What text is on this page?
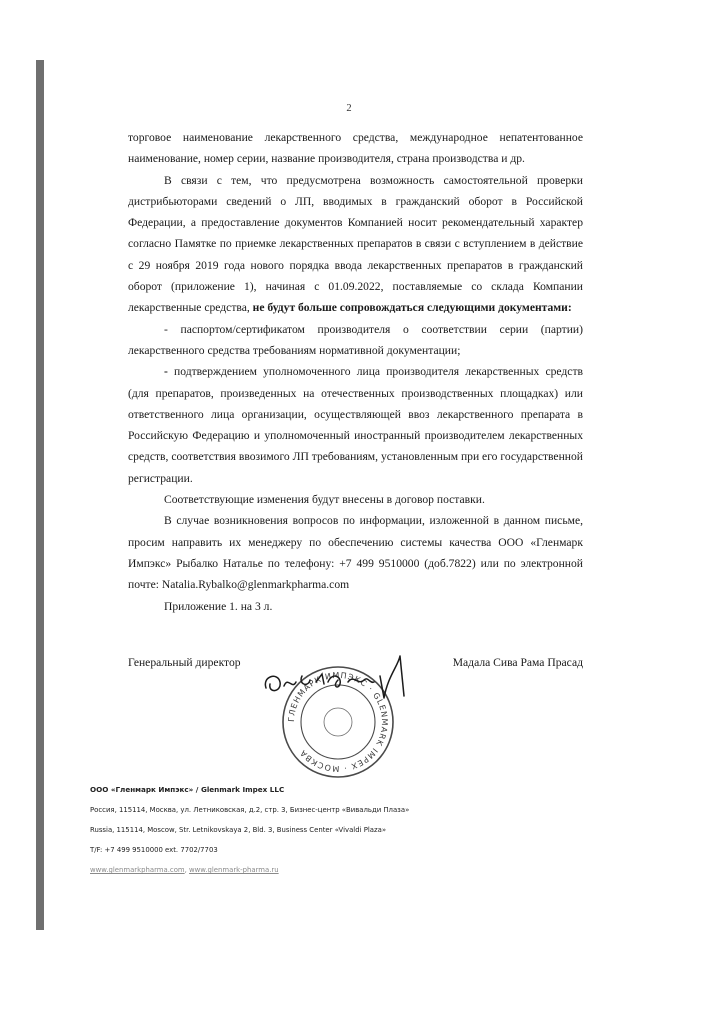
2

торговое наименование лекарственного средства, международное непатентованное наименование, номер серии, название производителя, страна производства и др.

В связи с тем, что предусмотрена возможность самостоятельной проверки дистрибьюторами сведений о ЛП, вводимых в гражданский оборот в Российской Федерации, а предоставление документов Компанией носит рекомендательный характер согласно Памятке по приемке лекарственных препаратов в связи с вступлением в действие с 29 ноября 2019 года нового порядка ввода лекарственных препаратов в гражданский оборот (приложение 1), начиная с 01.09.2022, поставляемые со склада Компании лекарственные средства, не будут больше сопровождаться следующими документами:

- паспортом/сертификатом производителя о соответствии серии (партии) лекарственного средства требованиям нормативной документации;

- подтверждением уполномоченного лица производителя лекарственных средств (для препаратов, произведенных на отечественных производственных площадках) или ответственного лица организации, осуществляющей ввоз лекарственного препарата в Российскую Федерацию и уполномоченный иностранный производителем лекарственных средств, соответствия ввозимого ЛП требованиям, установленным при его государственной регистрации.

Соответствующие изменения будут внесены в договор поставки.

В случае возникновения вопросов по информации, изложенной в данном письме, просим направить их менеджеру по обеспечению системы качества ООО «Гленмарк Импэкс» Рыбалко Наталье по телефону: +7 499 9510000 (доб.7822) или по электронной почте: Natalia.Rybalko@glenmarkpharma.com

Приложение 1. на 3 л.

Генеральный директор
ГЛЕНМАРК ИМПЭКС · GLENMARK IMPEX · МОСКВА
Мадала Сива Рама Прасад
ООО «Гленмарк Импэкс» / Glenmark Impex LLC
Россия, 115114, Москва, ул. Летниковская, д.2, стр. 3, Бизнес-центр «Вивальди Плаза»
Russia, 115114, Moscow, Str. Letnikovskaya 2, Bld. 3, Business Center «Vivaldi Plaza»
T/F: +7 499 9510000 ext. 7702/7703
www.glenmarkpharma.com, www.glenmark-pharma.ru
